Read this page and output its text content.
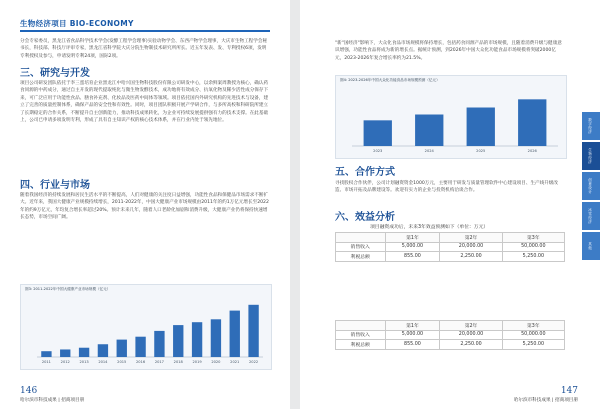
生物经济项目 BIO-ECONOMY
分会专家委员，黑龙江省食品科学技术学会(发酵工程学会理事)实验动物学会、东西产物学会理事，大庆市生物工程学会秘书长，科技部、科技厅评审专家，黑龙江省科学院大庆分院生物制技术研究所所长。近五年发表、发、专利授权6项，发明专利授权及参与，申请发明专利24项，国际2项。
三、研究与开发
项目公司研发团队依托于李三蛋培育企业黑龙江中哈兴国生物科技股份有限公司研发中心，以余鲜案周教授为核心，确认药食同源的中药成分，通过自主开发的现代提取纯化与微生物发酵技术，成功地将有效成分、抗氧化物及稀少活性成分保存下来，可广泛应用于功能性食品、膳食补充剂、化妆品及医药中间体等领域。项目依托国内外研究机构的先进技术与设备，建立了完善的质量控制体系，确保产品的安全性和有效性。同时，项目团队积极开展产学研合作，与多所高校和科研院所建立了长期稳定的合作关系，不断提升自主创新能力，推动科技成果转化，为企业可持续发展提供强有力的技术支撑。在此基础上，公司已申请多项发明专利，形成了具有自主知识产权的核心技术体系，并在行业内处于领先地位。
四、行业与市场
随着我国经济的持续发展和居民生活水平的不断提高，人们对健康的关注度日益增强，功能性食品和保健品市场需求不断扩大。近年来，我国大健康产业规模持续增长，2011-2022年，中国大健康产业市场规模由2011年的约1万亿元增长至2022年的约9万亿元，年均复合增长率超过20%。预计未来几年，随着人口老龄化加剧和消费升级，大健康产业仍将保持快速增长态势，市场空间广阔。
图3: 2011-2022年中国大健康产业市场规模（亿元）
2011	2012	2013	2014	2015	2016	2017	2018	2019	2020	2021	2022
146
哈尔滨市科技成果 | 招商项目册
"新"国经济"影响下，大众化食品市场规模将保持增长，包括药食同源产品的市场规模，且随着消费升级与健康意识增强，功能性食品将成为新的增长点。据统计预测，到2026年中国大众化功能食品市场规模将突破2000亿元，2023-2026年复合增长率约为21.5%。
图4: 2023-2026年中国大众化功能食品市场规模预测（亿元）
2023	2024	2025	2026
五、合作方式
寻找股权合作伙伴，公司计划融资资金1000万元，主要用于研发与质量管理软件中心建设项目、生产线升级改造、市场开拓及品牌建设等。欢迎有实力的企业与投资机构洽谈合作。
六、效益分析
项目融资成功后，未来3年效益预测如下（单位：万元）
	第1年	第2年	第3年
销售收入	5,000.00	20,000.00	50,000.00
利税总额	855.00	2,250.00	5,250.00
	第1年	第2年	第3年
销售收入	5,000.00	20,000.00	50,000.00
利税总额	855.00	2,250.00	5,250.00
数字经济
生物经济
创意设计
冰雪经济
其他
147
哈尔滨市科技成果 | 招商项目册
